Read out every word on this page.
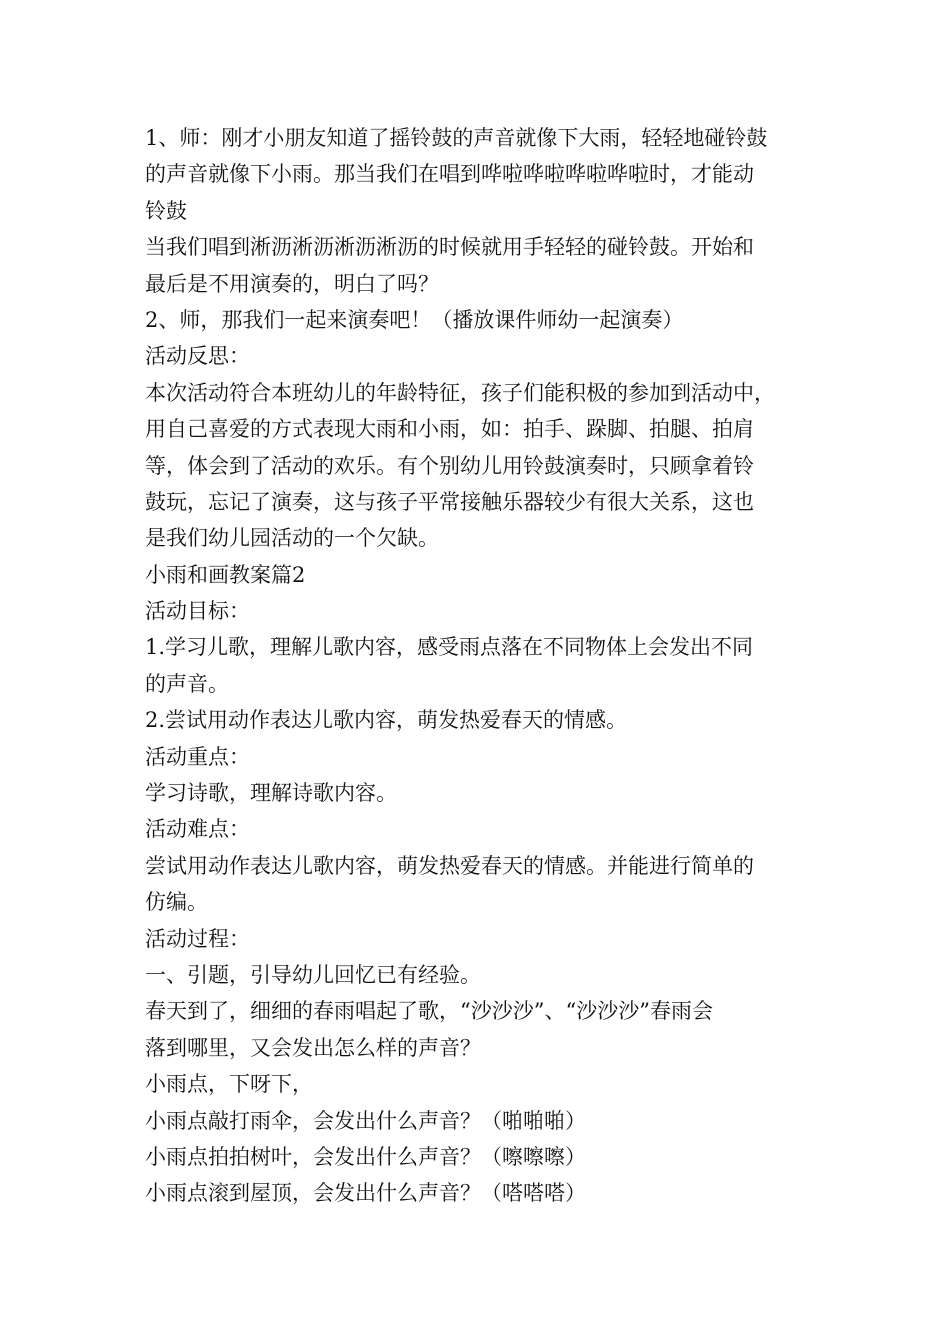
1、师：刚才小朋友知道了摇铃鼓的声音就像下大雨，轻轻地碰铃鼓
的声音就像下小雨。那当我们在唱到哗啦哗啦哗啦哗啦时，才能动
铃鼓
当我们唱到淅沥淅沥淅沥淅沥的时候就用手轻轻的碰铃鼓。开始和
最后是不用演奏的，明白了吗？
2、师，那我们一起来演奏吧！（播放课件师幼一起演奏）
活动反思：
本次活动符合本班幼儿的年龄特征，孩子们能积极的参加到活动中，
用自己喜爱的方式表现大雨和小雨，如：拍手、跺脚、拍腿、拍肩
等，体会到了活动的欢乐。有个别幼儿用铃鼓演奏时，只顾拿着铃
鼓玩，忘记了演奏，这与孩子平常接触乐器较少有很大关系，这也
是我们幼儿园活动的一个欠缺。
小雨和画教案篇2
活动目标：
1.学习儿歌，理解儿歌内容，感受雨点落在不同物体上会发出不同
的声音。
2.尝试用动作表达儿歌内容，萌发热爱春天的情感。
活动重点：
学习诗歌，理解诗歌内容。
活动难点：
尝试用动作表达儿歌内容，萌发热爱春天的情感。并能进行简单的
仿编。
活动过程：
一、引题，引导幼儿回忆已有经验。
春天到了，细细的春雨唱起了歌，“沙沙沙”、“沙沙沙”春雨会
落到哪里，又会发出怎么样的声音？
小雨点，下呀下，
小雨点敲打雨伞，会发出什么声音？（啪啪啪）
小雨点拍拍树叶，会发出什么声音？（嚓嚓嚓）
小雨点滚到屋顶，会发出什么声音？（嗒嗒嗒）
